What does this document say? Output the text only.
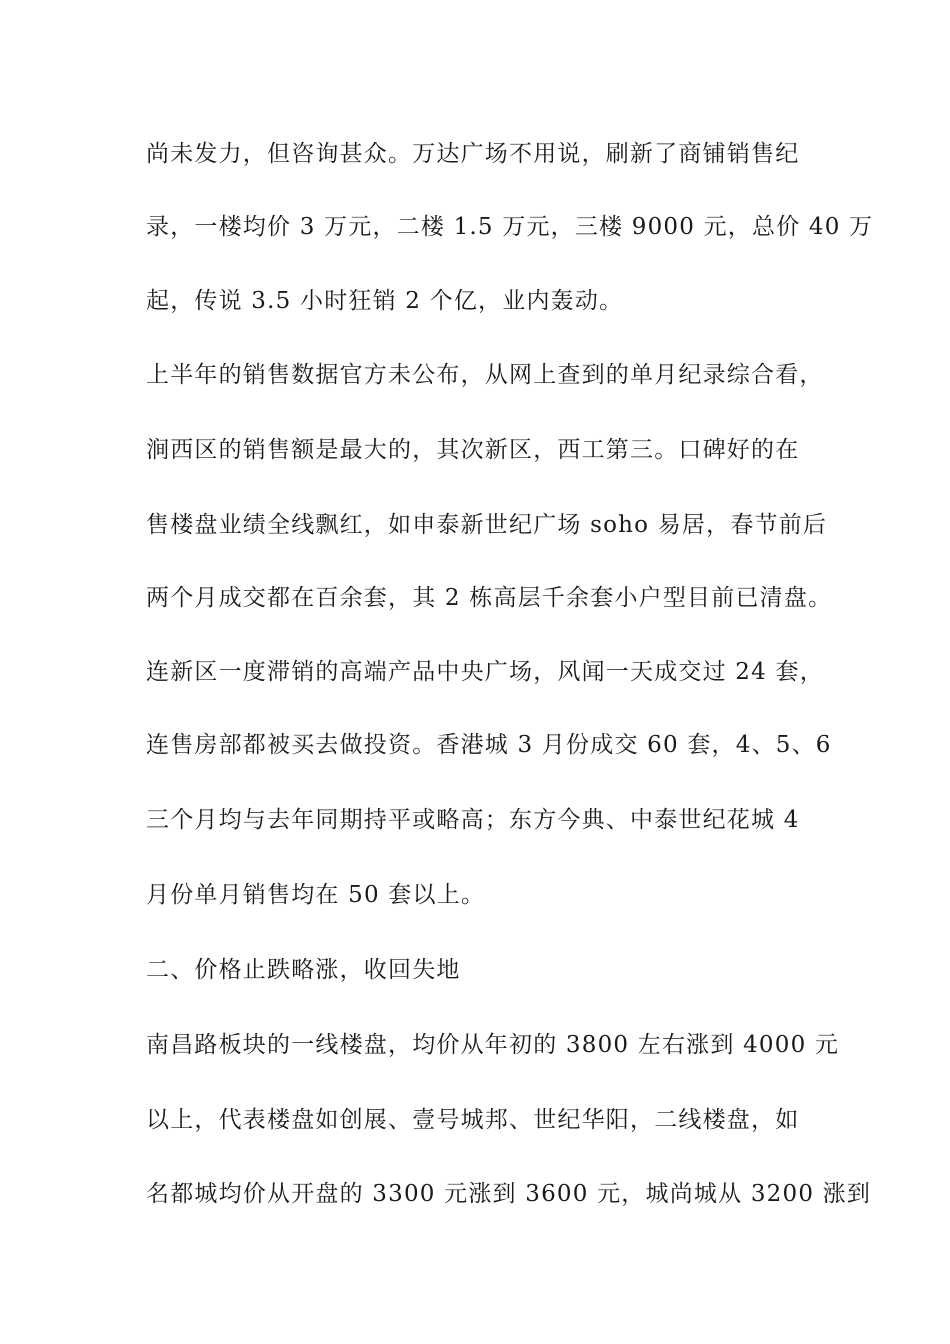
尚未发力，但咨询甚众。万达广场不用说，刷新了商铺销售纪
录，一楼均价 3 万元，二楼 1.5 万元，三楼 9000 元，总价 40 万
起，传说 3.5 小时狂销 2 个亿，业内轰动。
上半年的销售数据官方未公布，从网上查到的单月纪录综合看，
涧西区的销售额是最大的，其次新区，西工第三。口碑好的在
售楼盘业绩全线飘红，如申泰新世纪广场 soho 易居，春节前后
两个月成交都在百余套，其 2 栋高层千余套小户型目前已清盘。
连新区一度滞销的高端产品中央广场，风闻一天成交过 24 套，
连售房部都被买去做投资。香港城 3 月份成交 60 套，4、5、6
三个月均与去年同期持平或略高；东方今典、中泰世纪花城 4
月份单月销售均在 50 套以上。
二、价格止跌略涨，收回失地
南昌路板块的一线楼盘，均价从年初的 3800 左右涨到 4000 元
以上，代表楼盘如创展、壹号城邦、世纪华阳，二线楼盘，如
名都城均价从开盘的 3300 元涨到 3600 元，城尚城从 3200 涨到
